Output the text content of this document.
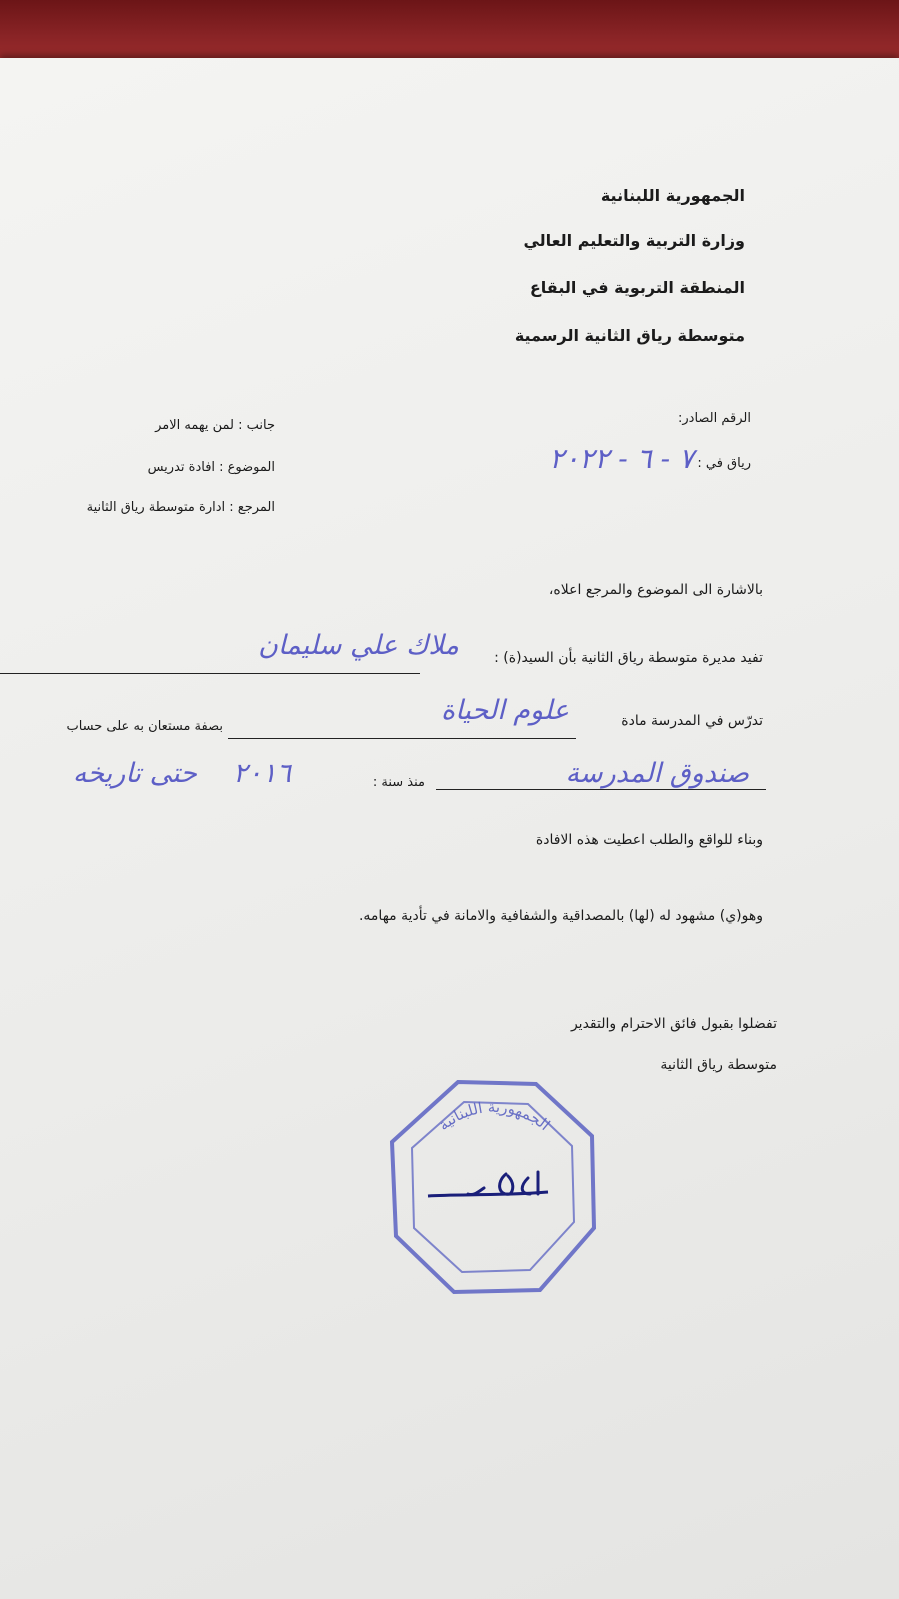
الجمهورية اللبنانية
وزارة التربية والتعليم العالي
المنطقة التربوية في البقاع
متوسطة رياق الثانية الرسمية
الرقم الصادر:
رياق في :
٧ - ٦ - ٢٠٢٢
جانب : لمن يهمه الامر
الموضوع : افادة تدريس
المرجع : ادارة متوسطة رياق الثانية
بالاشارة الى الموضوع والمرجع اعلاه،
تفيد مديرة متوسطة رياق الثانية بأن السيد(ة) :
ملاك علي سليمان
تدرّس في المدرسة مادة
علوم الحياة
بصفة مستعان به على حساب
صندوق المدرسة
منذ سنة :
٢٠١٦
حتى تاريخه
وبناء للواقع والطلب اعطيت هذه الافادة
وهو(ي) مشهود له (لها) بالمصداقية والشفافية والامانة في تأدية مهامه.
تفضلوا بقبول فائق الاحترام والتقدير
متوسطة رياق الثانية
الجمهورية اللبنانية
